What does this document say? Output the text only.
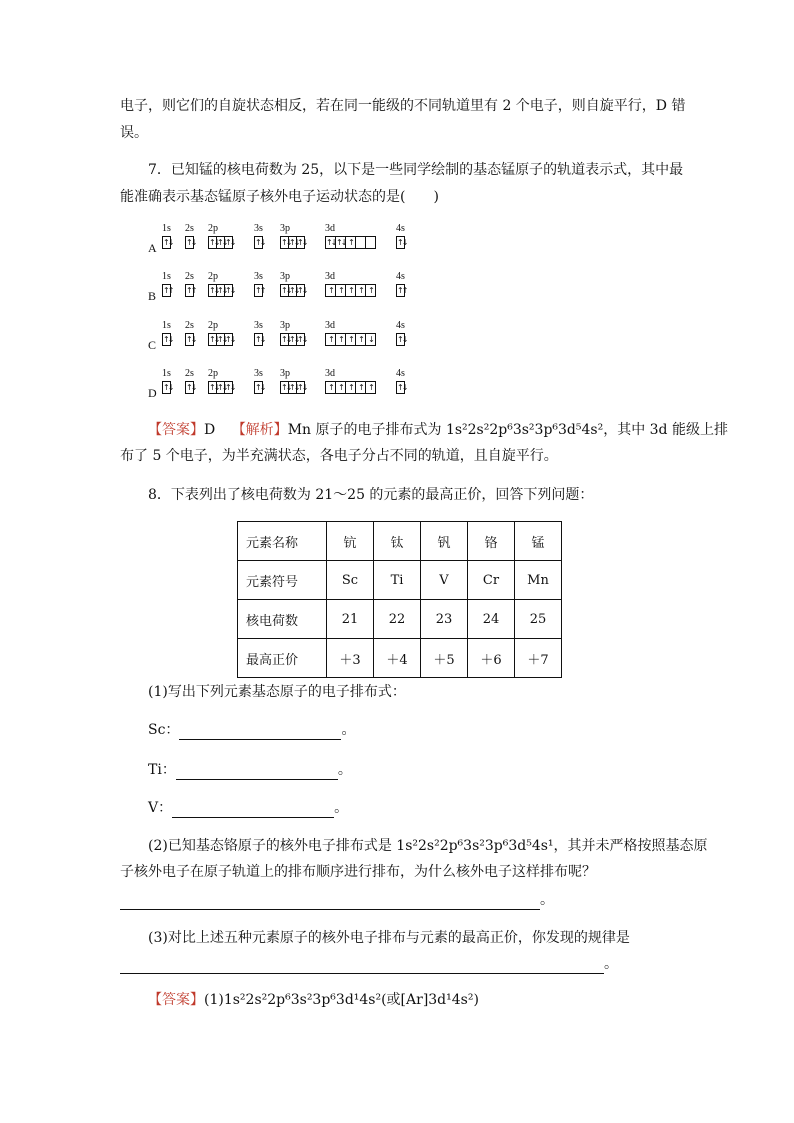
电子，则它们的自旋状态相反，若在同一能级的不同轨道里有 2 个电子，则自旋平行，D 错
误。
7．已知锰的核电荷数为 25，以下是一些同学绘制的基态锰原子的轨道表示式，其中最
能准确表示基态锰原子核外电子运动状态的是(　　)
A
1s
↑↓
2s
↑↓
2p
↑↓
↑↓
↑↓
3s
↑↓
3p
↑↓
↑↓
↑↓
3d
↑↓ ↑↓ ↑
4s
↑↓
B
1s
↑↑
2s
↑↑
2p
↑↓
↑↓
↑↓
3s
↑↑
3p
↑↓
↑↓
↑↓
3d
↑ ↑ ↑ ↑ ↑
4s
↑↑
C
1s
↑↓
2s
↑↓
2p
↑↓
↑↓
↑↓
3s
↑↓
3p
↑↓
↑↓
↑↓
3d
↑ ↑ ↑ ↑ ↓
4s
↑↓
D
1s
↑↓
2s
↑↓
2p
↑↓
↑↓
↑↓
3s
↑↓
3p
↑↓
↑↓
↑↓
3d
↑ ↑ ↑ ↑ ↑
4s
↑↓
【答案】D 【解析】Mn 原子的电子排布式为 1s²2s²2p⁶3s²3p⁶3d⁵4s²，其中 3d 能级上排
布了 5 个电子，为半充满状态，各电子分占不同的轨道，且自旋平行。
8．下表列出了核电荷数为 21～25 的元素的最高正价，回答下列问题：
元素名称	钪	钛	钒	铬	锰
元素符号	Sc	Ti	V	Cr	Mn
核电荷数	21	22	23	24	25
最高正价	＋3	＋4	＋5	＋6	＋7
(1)写出下列元素基态原子的电子排布式：
Sc：	。
Ti：	。
V：	。
(2)已知基态铬原子的核外电子排布式是 1s²2s²2p⁶3s²3p⁶3d⁵4s¹，其并未严格按照基态原
子核外电子在原子轨道上的排布顺序进行排布，为什么核外电子这样排布呢？
。
(3)对比上述五种元素原子的核外电子排布与元素的最高正价，你发现的规律是
。
【答案】(1)1s²2s²2p⁶3s²3p⁶3d¹4s²(或[Ar]3d¹4s²)
